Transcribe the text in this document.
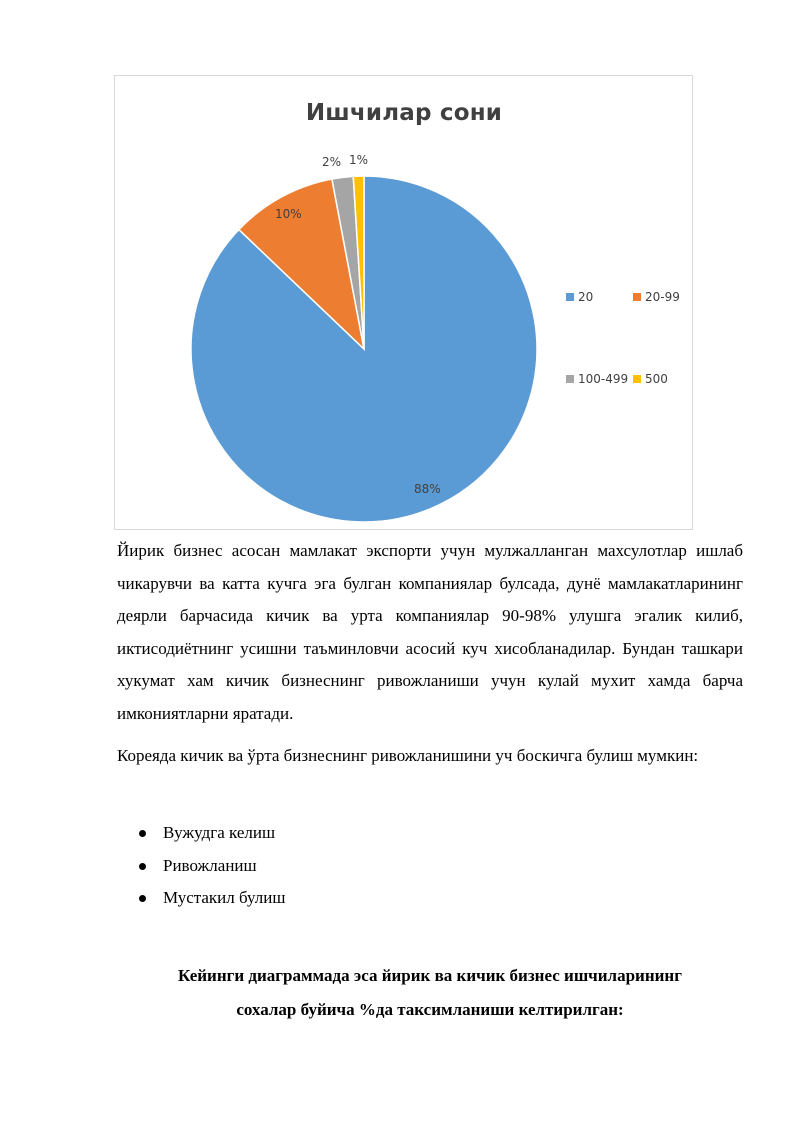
Ишчилар сони
88%
10%
2% 1%
20	20-99
100-499 500
Йирик бизнес асосан мамлакат экспорти учун мулжалланган махсулотлар ишлаб чикарувчи ва катта кучга эга булган компаниялар булсада, дунё мамлакатларининг деярли барчасида кичик ва урта компаниялар 90-98% улушга эгалик килиб, иктисодиётнинг усишни таъминловчи асосий куч хисобланадилар. Бундан ташкари хукумат хам кичик бизнеснинг ривожланиши учун кулай мухит хамда барча имкониятларни яратади.
Кореяда кичик ва ўрта бизнеснинг ривожланишини уч боскичга булиш мумкин:
Вужудга келиш
Ривожланиш
Мустакил булиш
Кейинги диаграммада эса йирик ва кичик бизнес ишчиларининг
сохалар буйича %да таксимланиши келтирилган:
